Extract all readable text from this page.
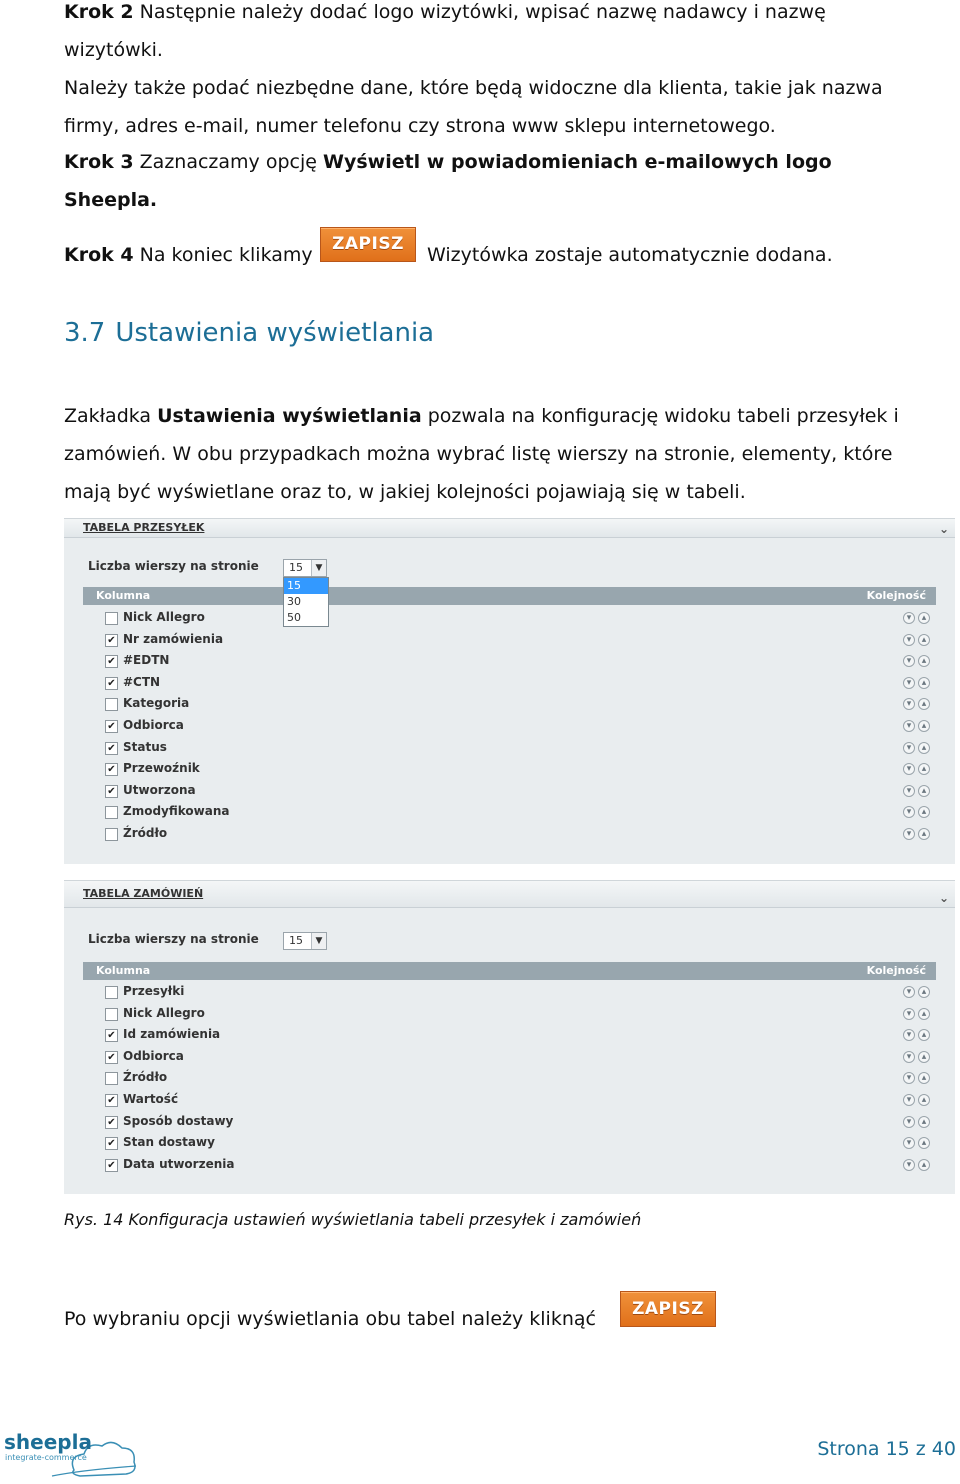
Krok 2 Następnie należy dodać logo wizytówki, wpisać nazwę nadawcy i nazwę wizytówki.
Należy także podać niezbędne dane, które będą widoczne dla klienta, takie jak nazwa
firmy, adres e-mail, numer telefonu czy strona www sklepu internetowego.

Krok 3 Zaznaczamy opcję Wyświetl w powiadomieniach e-mailowych logo Sheepla.

Krok 4 Na koniec klikamy	ZAPISZ	Wizytówka zostaje automatycznie dodana.

3.7 Ustawienia wyświetlania

Zakładka Ustawienia wyświetlania pozwala na konfigurację widoku tabeli przesyłek i
zamówień. W obu przypadkach można wybrać listę wierszy na stronie, elementy, które
mają być wyświetlane oraz to, w jakiej kolejności pojawiają się w tabeli.

TABELA PRZESYŁEK	⌄
Liczba wierszy na stronie	15	▼
15
30
50
Kolumna	Kolejność
Nick Allegro	▾ ▴
✔ Nr zamówienia	▾ ▴
✔ #EDTN	▾ ▴
✔ #CTN	▾ ▴
Kategoria	▾ ▴
✔ Odbiorca	▾ ▴
✔ Status	▾ ▴
✔ Przewoźnik	▾ ▴
✔ Utworzona	▾ ▴
Zmodyfikowana	▾ ▴
Źródło	▾ ▴
TABELA ZAMÓWIEŃ	⌄
Liczba wierszy na stronie	15	▼
Kolumna	Kolejność
Przesyłki	▾ ▴
Nick Allegro	▾ ▴
✔ Id zamówienia	▾ ▴
✔ Odbiorca	▾ ▴
Źródło	▾ ▴
✔ Wartość	▾ ▴
✔ Sposób dostawy	▾ ▴
✔ Stan dostawy	▾ ▴
✔ Data utworzenia	▾ ▴
Rys. 14 Konfiguracja ustawień wyświetlania tabeli przesyłek i zamówień

Po wybraniu opcji wyświetlania obu tabel należy kliknąć	ZAPISZ
sheepla
integrate-commerce	Strona 15 z 40
